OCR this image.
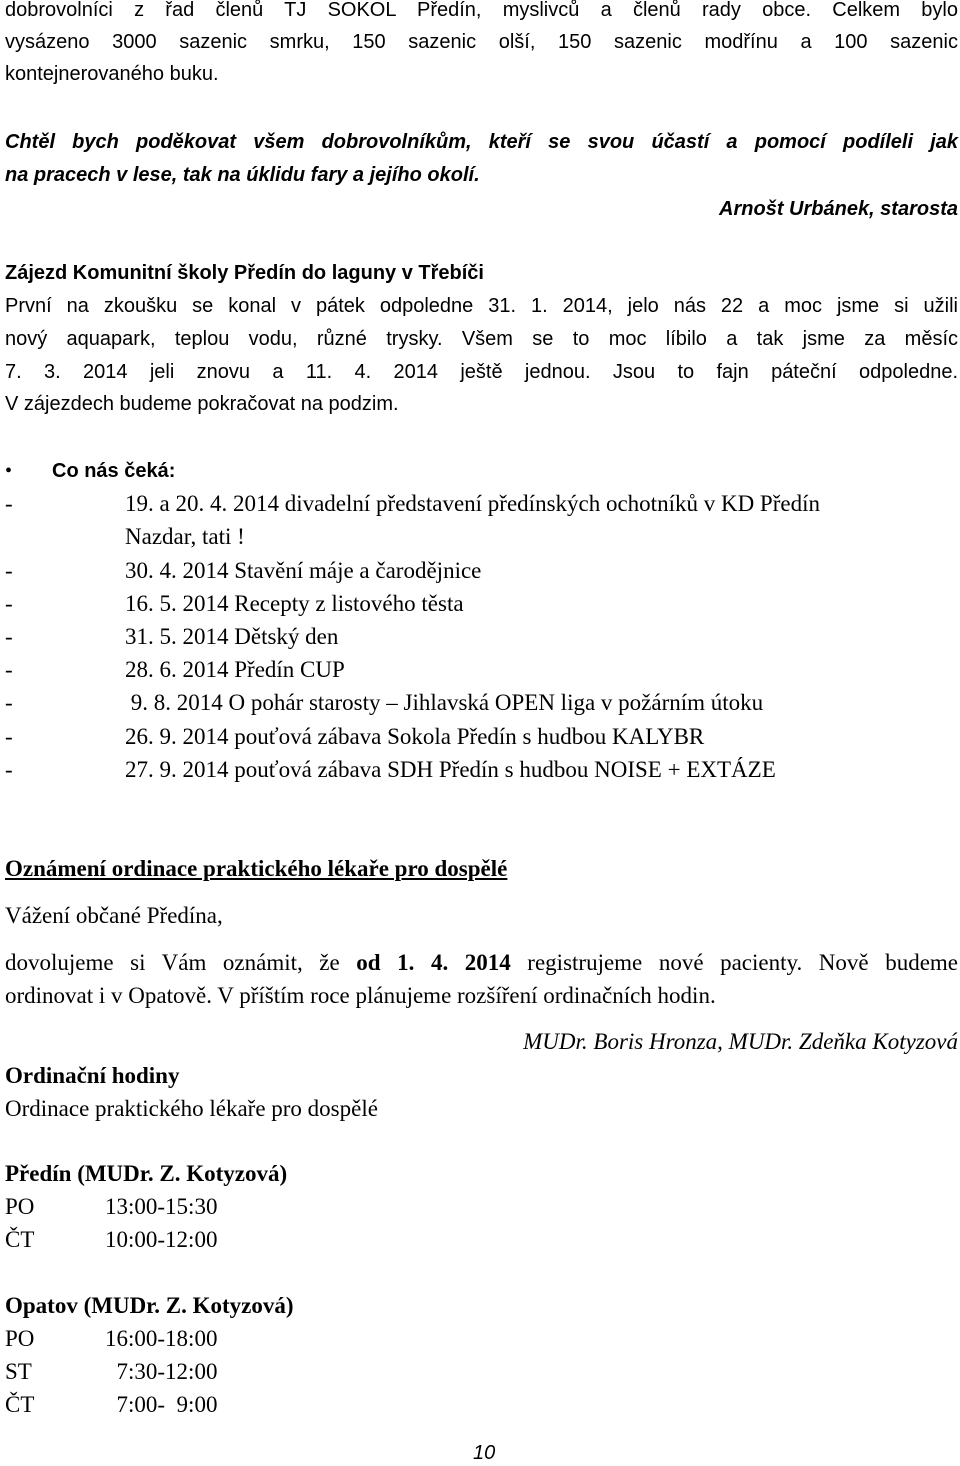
dobrovolníci z řad členů TJ SOKOL Předín, myslivců a členů rady obce. Celkem bylo
vysázeno 3000 sazenic smrku, 150 sazenic olší, 150 sazenic modřínu a 100 sazenic
kontejnerovaného buku.
Chtěl bych poděkovat všem dobrovolníkům, kteří se svou účastí a pomocí podíleli jak
na pracech v lese, tak na úklidu fary a jejího okolí.
Arnošt Urbánek, starosta
Zájezd Komunitní školy Předín do laguny v Třebíči
První na zkoušku se konal v pátek odpoledne 31. 1. 2014, jelo nás 22 a moc jsme si užili
nový aquapark, teplou vodu, různé trysky. Všem se to moc líbilo a tak jsme za měsíc
7. 3. 2014 jeli znovu a 11. 4. 2014 ještě jednou. Jsou to fajn páteční odpoledne.
V zájezdech budeme pokračovat na podzim.
• Co nás čeká:
-	19. a 20. 4. 2014 divadelní představení předínských ochotníků v KD Předín
Nazdar, tati !
-	30. 4. 2014 Stavění máje a čarodějnice
-	16. 5. 2014 Recepty z listového těsta
-	31. 5. 2014 Dětský den
-	28. 6. 2014 Předín CUP
-	9. 8. 2014 O pohár starosty – Jihlavská OPEN liga v požárním útoku
-	26. 9. 2014 pouťová zábava Sokola Předín s hudbou KALYBR
-	27. 9. 2014 pouťová zábava SDH Předín s hudbou NOISE + EXTÁZE
Oznámení ordinace praktického lékaře pro dospělé
Vážení občané Předína,
dovolujeme si Vám oznámit, že od 1. 4. 2014 registrujeme nové pacienty. Nově budeme
ordinovat i v Opatově. V příštím roce plánujeme rozšíření ordinačních hodin.
MUDr. Boris Hronza, MUDr. Zdeňka Kotyzová
Ordinační hodiny
Ordinace praktického lékaře pro dospělé
Předín (MUDr. Z. Kotyzová)
PO	13:00-15:30
ČT	10:00-12:00
Opatov (MUDr. Z. Kotyzová)
PO	16:00-18:00
ST	7:30-12:00
ČT	7:00-  9:00
10
